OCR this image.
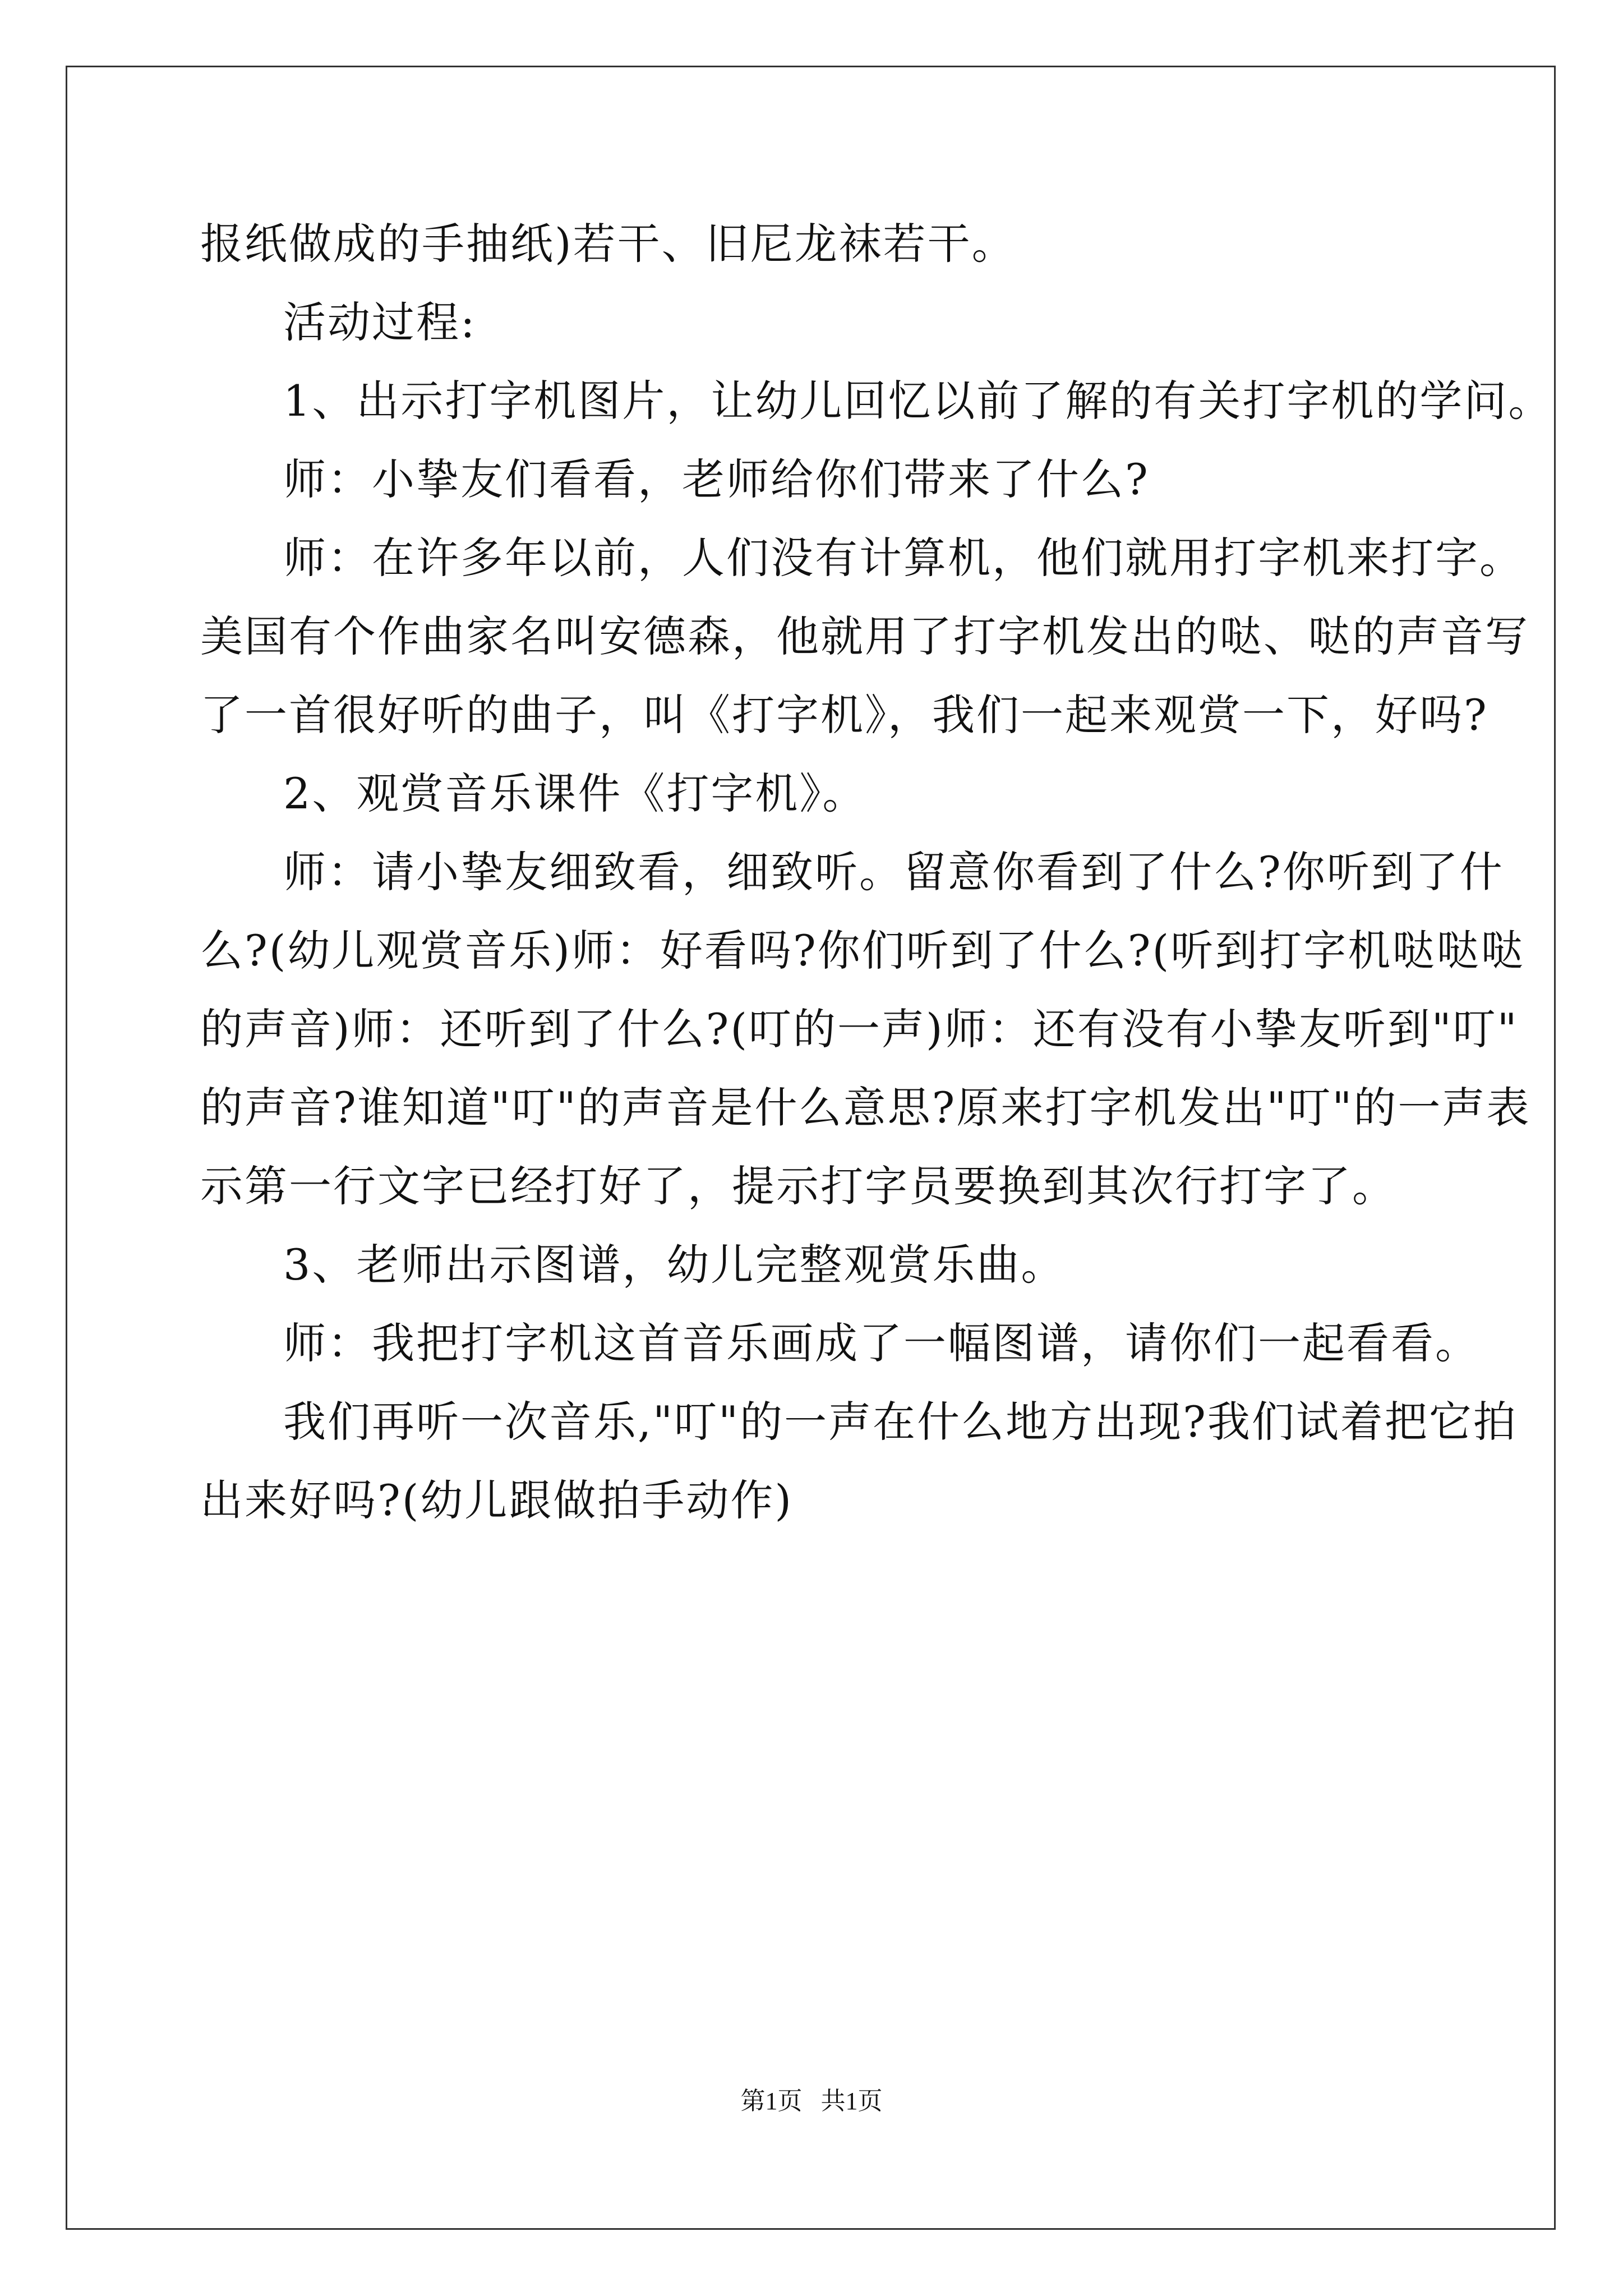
报纸做成的手抽纸)若干、旧尼龙袜若干。

活动过程:

1、出示打字机图片，让幼儿回忆以前了解的有关打字机的学问。

师：小挚友们看看，老师给你们带来了什么?

师：在许多年以前，人们没有计算机，他们就用打字机来打字。

美国有个作曲家名叫安德森，他就用了打字机发出的哒、哒的声音写

了一首很好听的曲子，叫《打字机》，我们一起来观赏一下，好吗?

2、观赏音乐课件《打字机》。

师：请小挚友细致看，细致听。留意你看到了什么?你听到了什

么?(幼儿观赏音乐)师：好看吗?你们听到了什么?(听到打字机哒哒哒

的声音)师：还听到了什么?(叮的一声)师：还有没有小挚友听到"叮"

的声音?谁知道"叮"的声音是什么意思?原来打字机发出"叮"的一声表

示第一行文字已经打好了，提示打字员要换到其次行打字了。

3、老师出示图谱，幼儿完整观赏乐曲。

师：我把打字机这首音乐画成了一幅图谱，请你们一起看看。

我们再听一次音乐,"叮"的一声在什么地方出现?我们试着把它拍

出来好吗?(幼儿跟做拍手动作)

第1页   共1页
